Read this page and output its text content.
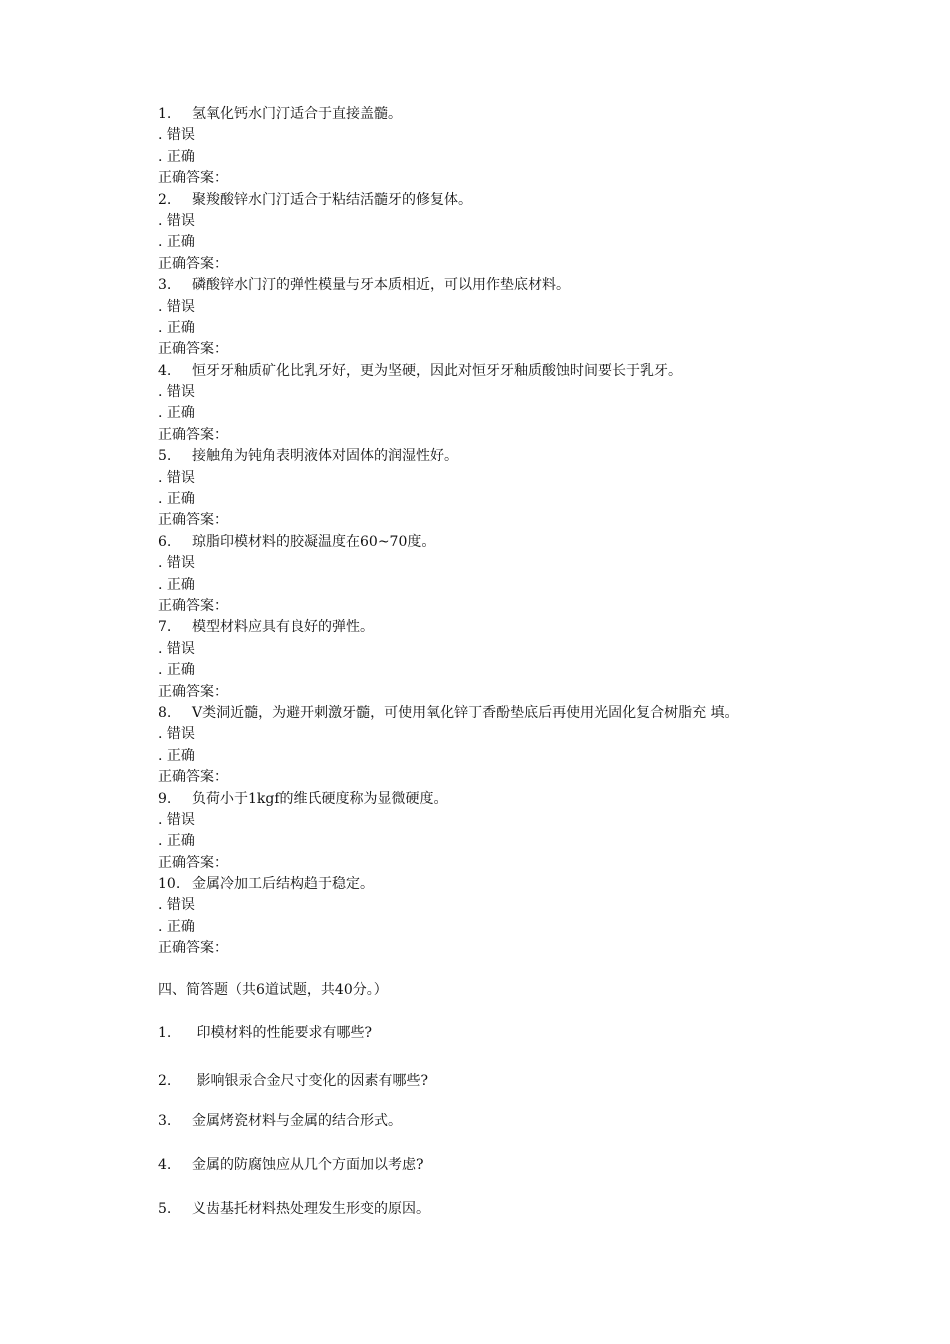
1. 氢氧化钙水门汀适合于直接盖髓。
. 错误
. 正确
正确答案：
2. 聚羧酸锌水门汀适合于粘结活髓牙的修复体。
. 错误
. 正确
正确答案：
3. 磷酸锌水门汀的弹性模量与牙本质相近，可以用作垫底材料。
. 错误
. 正确
正确答案：
4. 恒牙牙釉质矿化比乳牙好，更为坚硬，因此对恒牙牙釉质酸蚀时间要长于乳牙。
. 错误
. 正确
正确答案：
5. 接触角为钝角表明液体对固体的润湿性好。
. 错误
. 正确
正确答案：
6. 琼脂印模材料的胶凝温度在60~70度。
. 错误
. 正确
正确答案：
7. 模型材料应具有良好的弹性。
. 错误
. 正确
正确答案：
8. V类洞近髓，为避开刺激牙髓，可使用氧化锌丁香酚垫底后再使用光固化复合树脂充 填。
. 错误
. 正确
正确答案：
9. 负荷小于1kgf的维氏硬度称为显微硬度。
. 错误
. 正确
正确答案：
10. 金属冷加工后结构趋于稳定。
. 错误
. 正确
正确答案：
四、简答题（共6道试题，共40分。）
1. 印模材料的性能要求有哪些?
2. 影响银汞合金尺寸变化的因素有哪些?
3. 金属烤瓷材料与金属的结合形式。
4. 金属的防腐蚀应从几个方面加以考虑?
5. 义齿基托材料热处理发生形变的原因。
